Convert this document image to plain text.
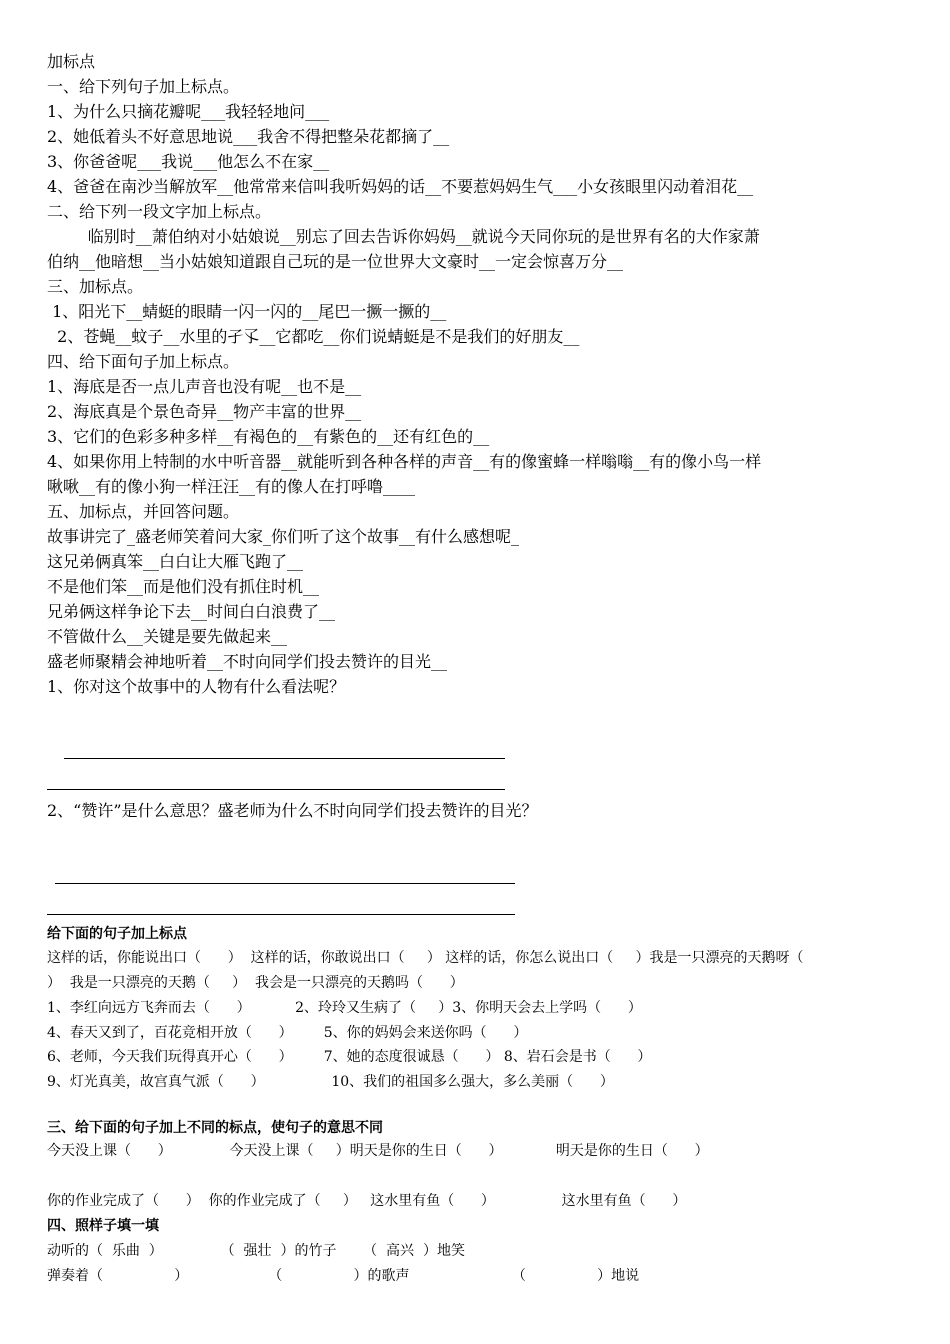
加标点
一、给下列句子加上标点。
1、为什么只摘花瓣呢___我轻轻地问___
2、她低着头不好意思地说___我舍不得把整朵花都摘了__
3、你爸爸呢___我说___他怎么不在家__
4、爸爸在南沙当解放军__他常常来信叫我听妈妈的话__不要惹妈妈生气___小女孩眼里闪动着泪花__
二、给下列一段文字加上标点。
临别时__萧伯纳对小姑娘说__别忘了回去告诉你妈妈__就说今天同你玩的是世界有名的大作家萧
伯纳__他暗想__当小姑娘知道跟自己玩的是一位世界大文豪时__一定会惊喜万分__
三、加标点。
1、阳光下__蜻蜓的眼睛一闪一闪的__尾巴一撅一撅的__
2、苍蝇__蚊子__水里的孑孓__它都吃__你们说蜻蜓是不是我们的好朋友__
四、给下面句子加上标点。
1、海底是否一点儿声音也没有呢__也不是__
2、海底真是个景色奇异__物产丰富的世界__
3、它们的色彩多种多样__有褐色的__有紫色的__还有红色的__
4、如果你用上特制的水中听音器__就能听到各种各样的声音__有的像蜜蜂一样嗡嗡__有的像小鸟一样
啾啾__有的像小狗一样汪汪__有的像人在打呼噜____
五、加标点，并回答问题。
故事讲完了_盛老师笑着问大家_你们听了这个故事__有什么感想呢_
这兄弟俩真笨__白白让大雁飞跑了__
不是他们笨__而是他们没有抓住时机__
兄弟俩这样争论下去__时间白白浪费了__
不管做什么__关键是要先做起来__
盛老师聚精会神地听着__不时向同学们投去赞许的目光__
1、你对这个故事中的人物有什么看法呢？
2、“赞许”是什么意思？盛老师为什么不时向同学们投去赞许的目光？
给下面的句子加上标点
这样的话，你能说出口（      ）  这样的话，你敢说出口（     ） 这样的话，你怎么说出口（     ）我是一只漂亮的天鹅呀（
）  我是一只漂亮的天鹅（     ）  我会是一只漂亮的天鹅吗（      ）
1、李红向远方飞奔而去（      ）          2、玲玲又生病了（     ）3、你明天会去上学吗（      ）
4、春天又到了，百花竞相开放（      ）       5、你的妈妈会来送你吗（      ）
6、老师，今天我们玩得真开心（      ）       7、她的态度很诚恳（      ） 8、岩石会是书（      ）
9、灯光真美，故宫真气派（      ）               10、我们的祖国多么强大，多么美丽（      ）
三、给下面的句子加上不同的标点，使句子的意思不同
今天没上课（      ）             今天没上课（     ）明天是你的生日（      ）            明天是你的生日（      ）
你的作业完成了（      ）  你的作业完成了（     ）   这水里有鱼（      ）               这水里有鱼（      ）
四、照样子填一填
动听的（  乐曲  ）             （  强壮  ）的竹子      （  高兴  ）地笑
弹奏着（                ）                  （                ）的歌声                       （                ）地说
